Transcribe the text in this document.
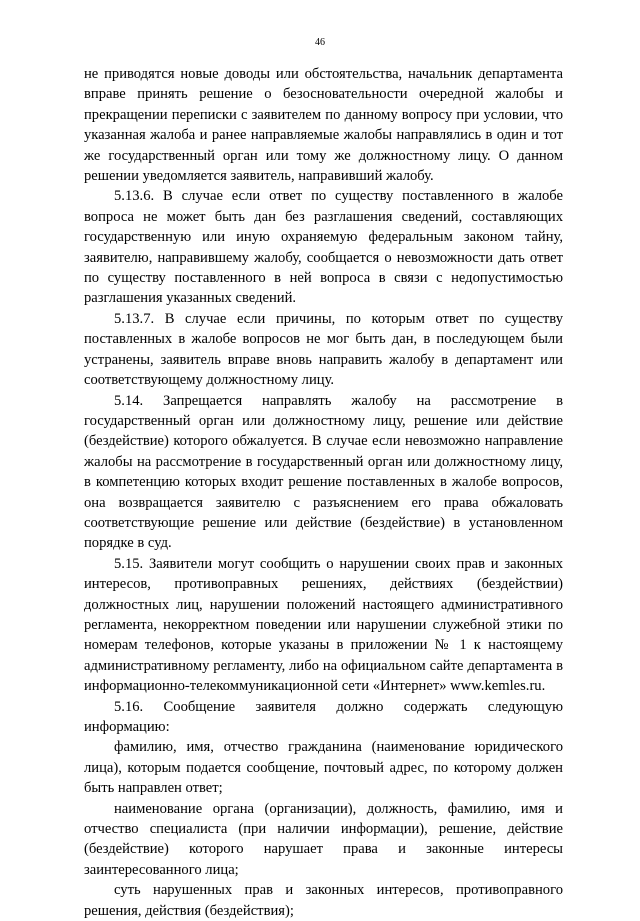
46

не приводятся новые доводы или обстоятельства, начальник департамента вправе принять решение о безосновательности очередной жалобы и прекращении переписки с заявителем по данному вопросу при условии, что указанная жалоба и ранее направляемые жалобы направлялись в один и тот же государственный орган или тому же должностному лицу. О данном решении уведомляется заявитель, направивший жалобу.

5.13.6. В случае если ответ по существу поставленного в жалобе вопроса не может быть дан без разглашения сведений, составляющих государственную или иную охраняемую федеральным законом тайну, заявителю, направившему жалобу, сообщается о невозможности дать ответ по существу поставленного в ней вопроса в связи с недопустимостью разглашения указанных сведений.

5.13.7. В случае если причины, по которым ответ по существу поставленных в жалобе вопросов не мог быть дан, в последующем были устранены, заявитель вправе вновь направить жалобу в департамент или соответствующему должностному лицу.

5.14. Запрещается направлять жалобу на рассмотрение в государственный орган или должностному лицу, решение или действие (бездействие) которого обжалуется. В случае если невозможно направление жалобы на рассмотрение в государственный орган или должностному лицу, в компетенцию которых входит решение поставленных в жалобе вопросов, она возвращается заявителю с разъяснением его права обжаловать соответствующие решение или действие (бездействие) в установленном порядке в суд.

5.15. Заявители могут сообщить о нарушении своих прав и законных интересов, противоправных решениях, действиях (бездействии) должностных лиц, нарушении положений настоящего административного регламента, некорректном поведении или нарушении служебной этики по номерам телефонов, которые указаны в приложении № 1 к настоящему административному регламенту, либо на официальном сайте департамента в информационно-телекоммуникационной сети «Интернет» www.kemles.ru.

5.16. Сообщение заявителя должно содержать следующую информацию:

фамилию, имя, отчество гражданина (наименование юридического лица), которым подается сообщение, почтовый адрес, по которому должен быть направлен ответ;

наименование органа (организации), должность, фамилию, имя и отчество специалиста (при наличии информации), решение, действие (бездействие) которого нарушает права и законные интересы заинтересованного лица;

суть нарушенных прав и законных интересов, противоправного решения, действия (бездействия);
